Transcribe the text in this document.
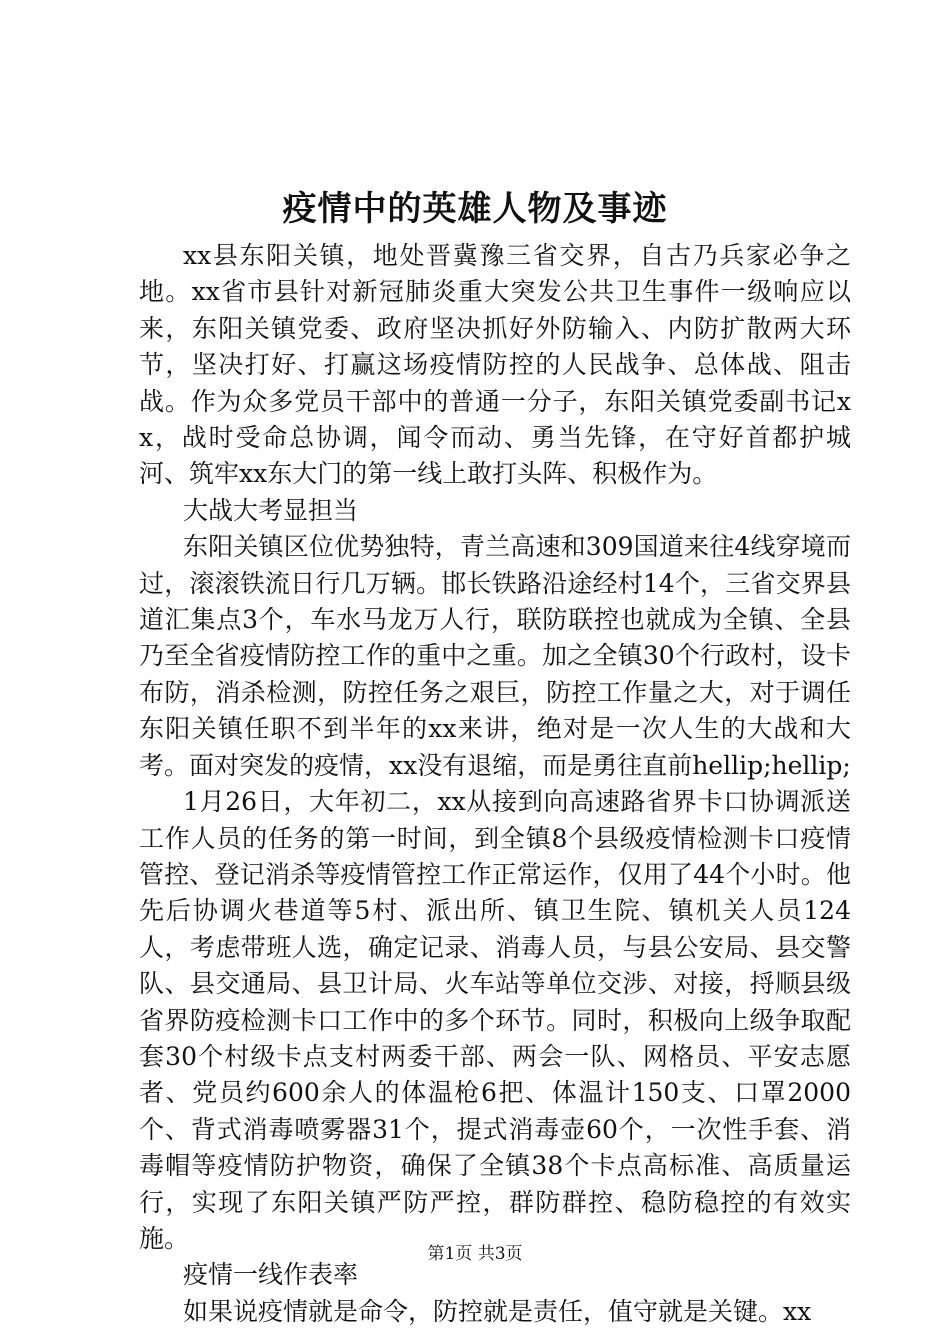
疫情中的英雄人物及事迹

xx县东阳关镇，地处晋冀豫三省交界，自古乃兵家必争之地。xx省市县针对新冠肺炎重大突发公共卫生事件一级响应以来，东阳关镇党委、政府坚决抓好外防输入、内防扩散两大环节，坚决打好、打赢这场疫情防控的人民战争、总体战、阻击战。作为众多党员干部中的普通一分子，东阳关镇党委副书记xx，战时受命总协调，闻令而动、勇当先锋，在守好首都护城河、筑牢xx东大门的第一线上敢打头阵、积极作为。

大战大考显担当

东阳关镇区位优势独特，青兰高速和309国道来往4线穿境而过，滚滚铁流日行几万辆。邯长铁路沿途经村14个，三省交界县道汇集点3个，车水马龙万人行，联防联控也就成为全镇、全县乃至全省疫情防控工作的重中之重。加之全镇30个行政村，设卡布防，消杀检测，防控任务之艰巨，防控工作量之大，对于调任东阳关镇任职不到半年的xx来讲，绝对是一次人生的大战和大考。面对突发的疫情，xx没有退缩，而是勇往直前hellip;hellip;

1月26日，大年初二，xx从接到向高速路省界卡口协调派送工作人员的任务的第一时间，到全镇8个县级疫情检测卡口疫情管控、登记消杀等疫情管控工作正常运作，仅用了44个小时。他先后协调火巷道等5村、派出所、镇卫生院、镇机关人员124人，考虑带班人选，确定记录、消毒人员，与县公安局、县交警队、县交通局、县卫计局、火车站等单位交涉、对接，捋顺县级省界防疫检测卡口工作中的多个环节。同时，积极向上级争取配套30个村级卡点支村两委干部、两会一队、网格员、平安志愿者、党员约600余人的体温枪6把、体温计150支、口罩2000个、背式消毒喷雾器31个，提式消毒壶60个，一次性手套、消毒帽等疫情防护物资，确保了全镇38个卡点高标准、高质量运行，实现了东阳关镇严防严控，群防群控、稳防稳控的有效实施。

疫情一线作表率

如果说疫情就是命令，防控就是责任，值守就是关键。xx

第1页 共3页
